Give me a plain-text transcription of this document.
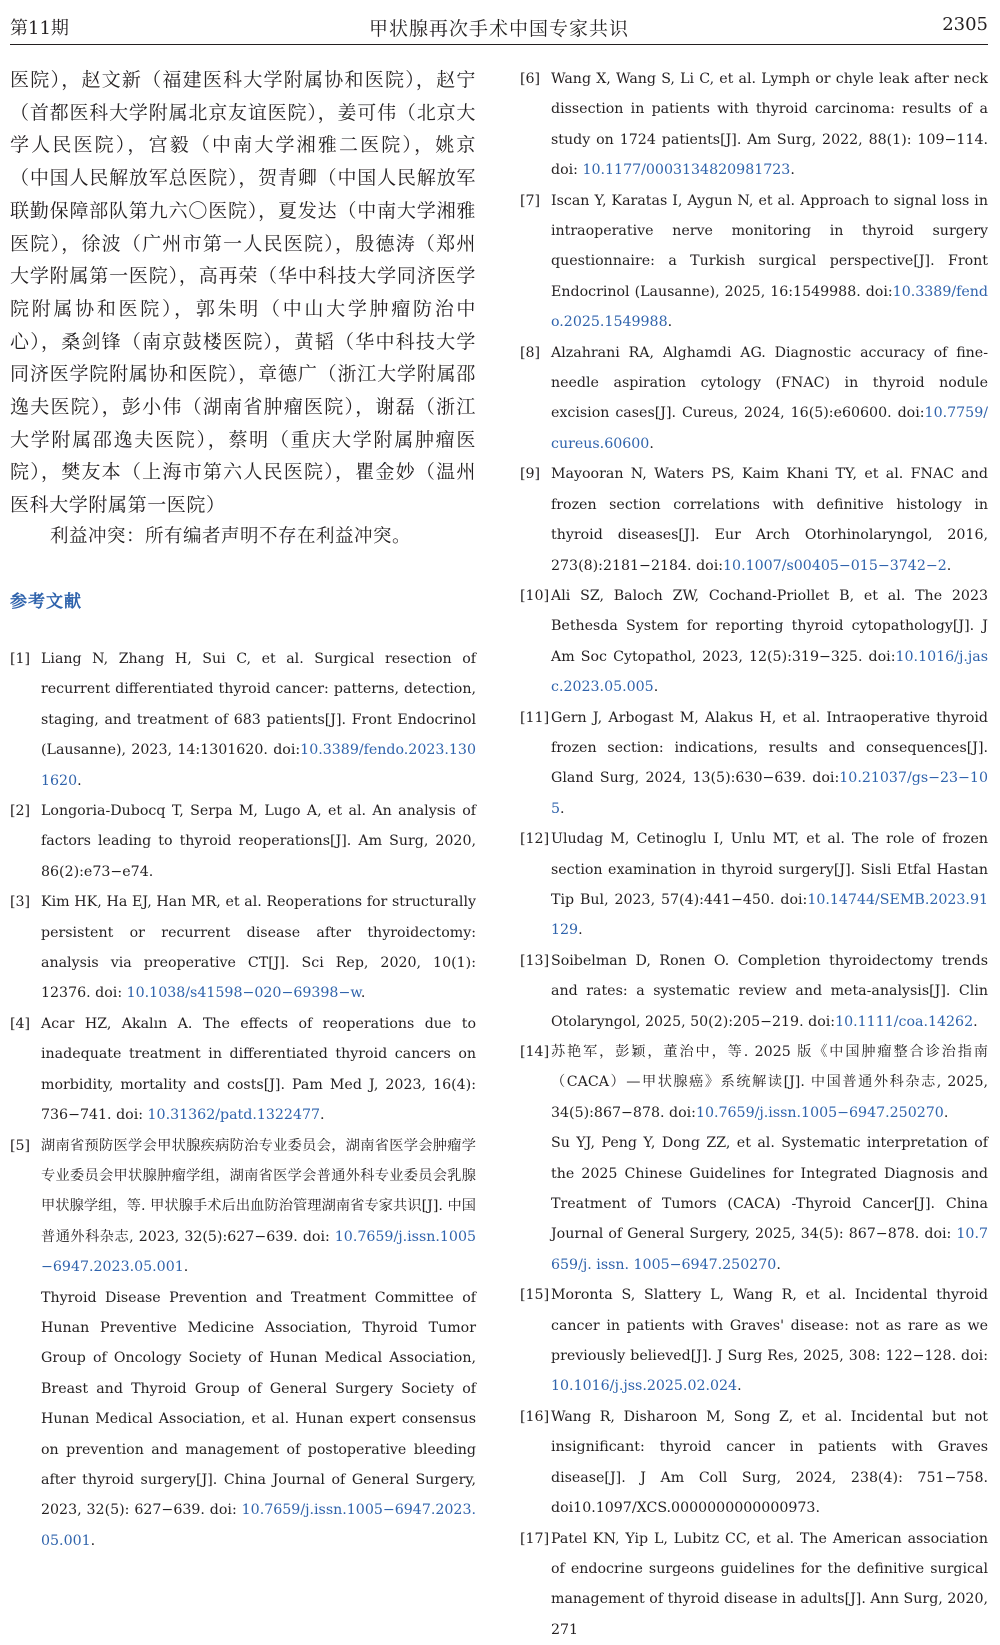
甲状腺再次手术中国专家共识
第11期	2305

医院），赵文新（福建医科大学附属协和医院），赵宁（首都医科大学附属北京友谊医院），姜可伟（北京大学人民医院），宫毅（中南大学湘雅二医院），姚京（中国人民解放军总医院），贺青卿（中国人民解放军联勤保障部队第九六〇医院），夏发达（中南大学湘雅医院），徐波（广州市第一人民医院），殷德涛（郑州大学附属第一医院），高再荣（华中科技大学同济医学院附属协和医院），郭朱明（中山大学肿瘤防治中心），桑剑锋（南京鼓楼医院），黄韬（华中科技大学同济医学院附属协和医院），章德广（浙江大学附属邵逸夫医院），彭小伟（湖南省肿瘤医院），谢磊（浙江大学附属邵逸夫医院），蔡明（重庆大学附属肿瘤医院），樊友本（上海市第六人民医院），瞿金妙（温州医科大学附属第一医院）

利益冲突：所有编者声明不存在利益冲突。
参考文献
[1] Liang N, Zhang H, Sui C, et al. Surgical resection of recurrent differentiated thyroid cancer: patterns, detection, staging, and treatment of 683 patients[J]. Front Endocrinol (Lausanne), 2023, 14:1301620. doi:10.3389/fendo.2023.1301620.
[2] Longoria-Dubocq T, Serpa M, Lugo A, et al. An analysis of factors leading to thyroid reoperations[J]. Am Surg, 2020, 86(2):e73−e74.
[3] Kim HK, Ha EJ, Han MR, et al. Reoperations for structurally persistent or recurrent disease after thyroidectomy: analysis via preoperative CT[J]. Sci Rep, 2020, 10(1): 12376. doi: 10.1038/s41598−020−69398−w.
[4] Acar HZ, Akalın A. The effects of reoperations due to inadequate treatment in differentiated thyroid cancers on morbidity, mortality and costs[J]. Pam Med J, 2023, 16(4): 736−741. doi: 10.31362/patd.1322477.
[5] 湖南省预防医学会甲状腺疾病防治专业委员会，湖南省医学会肿瘤学专业委员会甲状腺肿瘤学组，湖南省医学会普通外科专业委员会乳腺甲状腺学组，等. 甲状腺手术后出血防治管理湖南省专家共识[J]. 中国普通外科杂志, 2023, 32(5):627−639. doi: 10.7659/j.issn.1005−6947.2023.05.001.
Thyroid Disease Prevention and Treatment Committee of Hunan Preventive Medicine Association, Thyroid Tumor Group of Oncology Society of Hunan Medical Association, Breast and Thyroid Group of General Surgery Society of Hunan Medical Association, et al. Hunan expert consensus on prevention and management of postoperative bleeding after thyroid surgery[J]. China Journal of General Surgery, 2023, 32(5): 627−639. doi: 10.7659/j.issn.1005−6947.2023.05.001.
[6] Wang X, Wang S, Li C, et al. Lymph or chyle leak after neck dissection in patients with thyroid carcinoma: results of a study on 1724 patients[J]. Am Surg, 2022, 88(1): 109−114. doi: 10.1177/0003134820981723.
[7] Iscan Y, Karatas I, Aygun N, et al. Approach to signal loss in intraoperative nerve monitoring in thyroid surgery questionnaire: a Turkish surgical perspective[J]. Front Endocrinol (Lausanne), 2025, 16:1549988. doi:10.3389/fendo.2025.1549988.
[8] Alzahrani RA, Alghamdi AG. Diagnostic accuracy of fine-needle aspiration cytology (FNAC) in thyroid nodule excision cases[J]. Cureus, 2024, 16(5):e60600. doi:10.7759/cureus.60600.
[9] Mayooran N, Waters PS, Kaim Khani TY, et al. FNAC and frozen section correlations with definitive histology in thyroid diseases[J]. Eur Arch Otorhinolaryngol, 2016, 273(8):2181−2184. doi:10.1007/s00405−015−3742−2.
[10] Ali SZ, Baloch ZW, Cochand-Priollet B, et al. The 2023 Bethesda System for reporting thyroid cytopathology[J]. J Am Soc Cytopathol, 2023, 12(5):319−325. doi:10.1016/j.jasc.2023.05.005.
[11] Gern J, Arbogast M, Alakus H, et al. Intraoperative thyroid frozen section: indications, results and consequences[J]. Gland Surg, 2024, 13(5):630−639. doi:10.21037/gs−23−105.
[12] Uludag M, Cetinoglu I, Unlu MT, et al. The role of frozen section examination in thyroid surgery[J]. Sisli Etfal Hastan Tip Bul, 2023, 57(4):441−450. doi:10.14744/SEMB.2023.91129.
[13] Soibelman D, Ronen O. Completion thyroidectomy trends and rates: a systematic review and meta-analysis[J]. Clin Otolaryngol, 2025, 50(2):205−219. doi:10.1111/coa.14262.
[14] 苏艳军，彭颖，董治中，等. 2025 版《中国肿瘤整合诊治指南（CACA）—甲状腺癌》系统解读[J]. 中国普通外科杂志, 2025, 34(5):867−878. doi:10.7659/j.issn.1005−6947.250270.
Su YJ, Peng Y, Dong ZZ, et al. Systematic interpretation of the 2025 Chinese Guidelines for Integrated Diagnosis and Treatment of Tumors (CACA) -Thyroid Cancer[J]. China Journal of General Surgery, 2025, 34(5): 867−878. doi: 10.7659/j. issn. 1005−6947.250270.
[15] Moronta S, Slattery L, Wang R, et al. Incidental thyroid cancer in patients with Graves' disease: not as rare as we previously believed[J]. J Surg Res, 2025, 308: 122−128. doi: 10.1016/j.jss.2025.02.024.
[16] Wang R, Disharoon M, Song Z, et al. Incidental but not insignificant: thyroid cancer in patients with Graves disease[J]. J Am Coll Surg, 2024, 238(4): 751−758. doi10.1097/XCS.0000000000000973.
[17] Patel KN, Yip L, Lubitz CC, et al. The American association of endocrine surgeons guidelines for the definitive surgical management of thyroid disease in adults[J]. Ann Surg, 2020, 271
